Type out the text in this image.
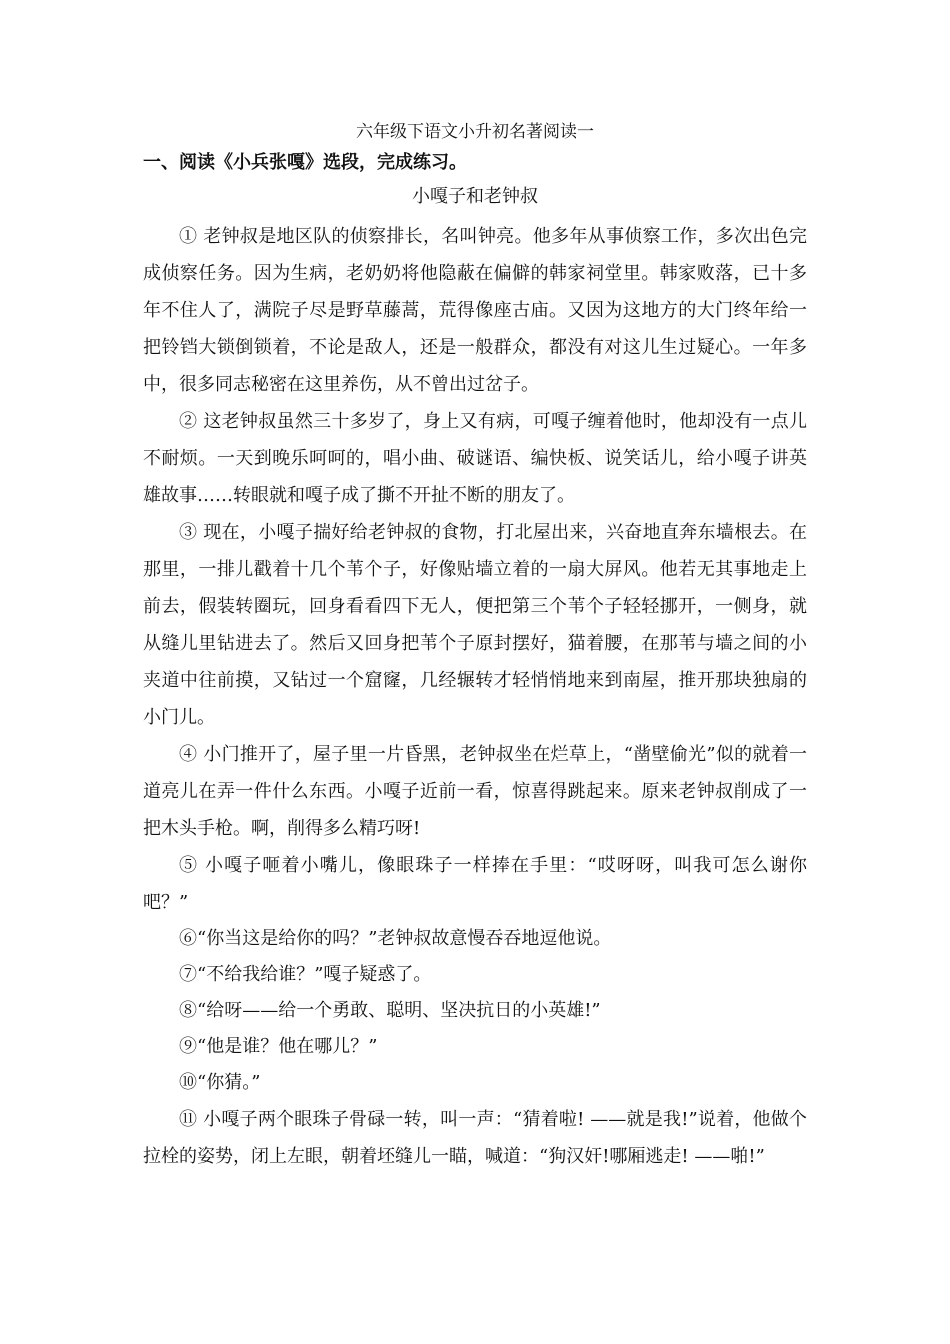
六年级下语文小升初名著阅读一
一、阅读《小兵张嘎》选段，完成练习。
小嘎子和老钟叔

① 老钟叔是地区队的侦察排长，名叫钟亮。他多年从事侦察工作，多次出色完成侦察任务。因为生病，老奶奶将他隐蔽在偏僻的韩家祠堂里。韩家败落，已十多年不住人了，满院子尽是野草藤蒿，荒得像座古庙。又因为这地方的大门终年给一把铃铛大锁倒锁着，不论是敌人，还是一般群众，都没有对这儿生过疑心。一年多中，很多同志秘密在这里养伤，从不曾出过岔子。

② 这老钟叔虽然三十多岁了，身上又有病，可嘎子缠着他时，他却没有一点儿不耐烦。一天到晚乐呵呵的，唱小曲、破谜语、编快板、说笑话儿，给小嘎子讲英雄故事……转眼就和嘎子成了撕不开扯不断的朋友了。

③ 现在，小嘎子揣好给老钟叔的食物，打北屋出来，兴奋地直奔东墙根去。在那里，一排儿戳着十几个苇个子，好像贴墙立着的一扇大屏风。他若无其事地走上前去，假装转圈玩，回身看看四下无人，便把第三个苇个子轻轻挪开，一侧身，就从缝儿里钻进去了。然后又回身把苇个子原封摆好，猫着腰，在那苇与墙之间的小夹道中往前摸，又钻过一个窟窿，几经辗转才轻悄悄地来到南屋，推开那块独扇的小门儿。

④ 小门推开了，屋子里一片昏黑，老钟叔坐在烂草上，“凿壁偷光”似的就着一道亮儿在弄一件什么东西。小嘎子近前一看，惊喜得跳起来。原来老钟叔削成了一把木头手枪。啊，削得多么精巧呀!

⑤ 小嘎子咂着小嘴儿，像眼珠子一样捧在手里：“哎呀呀，叫我可怎么谢你吧？”

⑥“你当这是给你的吗？”老钟叔故意慢吞吞地逗他说。

⑦“不给我给谁？”嘎子疑惑了。

⑧“给呀——给一个勇敢、聪明、坚决抗日的小英雄!”

⑨“他是谁？他在哪儿？”

⑩“你猜。”

⑪ 小嘎子两个眼珠子骨碌一转，叫一声：“猜着啦! ——就是我!”说着，他做个拉栓的姿势，闭上左眼，朝着坯缝儿一瞄，喊道：“狗汉奸!哪厢逃走! ——啪!”
